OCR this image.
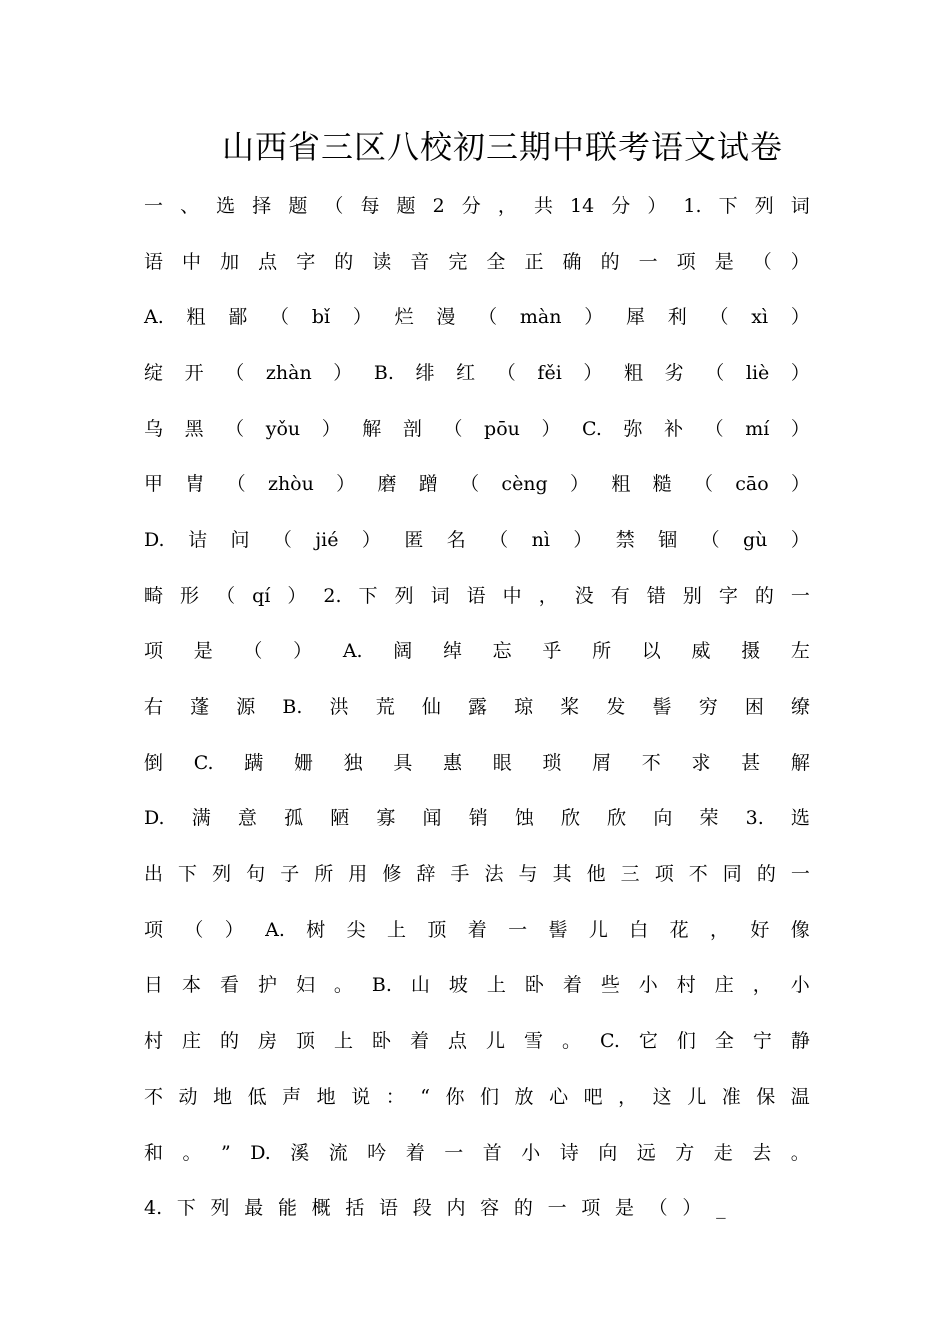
山西省三区八校初三期中联考语文试卷
一 、 选 择 题 （ 每 题 2 分 ， 共 14 分 ） 1. 下 列 词
语 中 加 点 字 的 读 音 完 全 正 确 的 一 项 是 （ ）
A. 粗 鄙 （ bǐ ） 烂 漫 （ màn ） 犀 利 （ xì ）
绽 开 （ zhàn ） B. 绯 红 （ fěi ） 粗 劣 （ liè ）
乌 黑 （ yǒu ） 解 剖 （ pōu ） C. 弥 补 （ mí ）
甲 胄 （ zhòu ） 磨 蹭 （ cèng ） 粗 糙 （ cāo ）
D. 诘 问 （ jié ） 匿 名 （ nì ） 禁 锢 （ gù ）
畸 形 （ qí ） 2. 下 列 词 语 中 ， 没 有 错 别 字 的 一
项 是 （ ） A. 阔 绰 忘 乎 所 以 威 摄 左
右 蓬 源 B. 洪 荒 仙 露 琼 桨 发 髻 穷 困 缭
倒 C. 蹒 姗 独 具 惠 眼 琐 屑 不 求 甚 解
D. 满 意 孤 陋 寡 闻 销 蚀 欣 欣 向 荣 3. 选
出 下 列 句 子 所 用 修 辞 手 法 与 其 他 三 项 不 同 的 一
项 （ ） A. 树 尖 上 顶 着 一 髻 儿 白 花 ， 好 像
日 本 看 护 妇 。 B. 山 坡 上 卧 着 些 小 村 庄 ， 小
村 庄 的 房 顶 上 卧 着 点 儿 雪 。 C. 它 们 全 宁 静
不 动 地 低 声 地 说 ： “ 你 们 放 心 吧 ， 这 儿 准 保 温
和 。 ” D. 溪 流 吟 着 一 首 小 诗 向 远 方 走 去 。
4. 下 列 最 能 概 括 语 段 内 容 的 一 项 是 （ ） _
